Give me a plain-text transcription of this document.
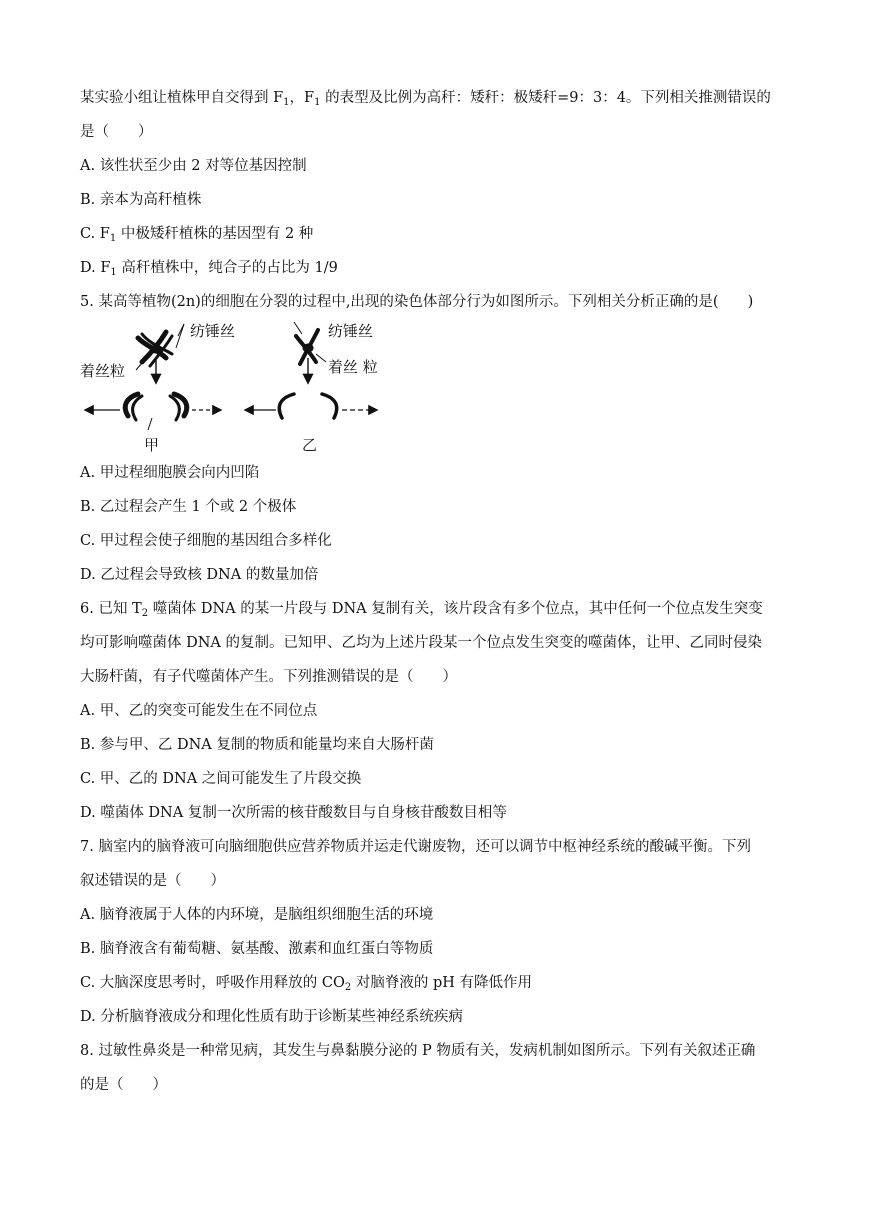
某实验小组让植株甲自交得到 $F_1$，$F_1$ 的表型及比例为高秆：矮秆：极矮秆=9：3：4。下列相关推测错误的
是（　　）
A. 该性状至少由 2 对等位基因控制
B. 亲本为高秆植株
C. $F_1$ 中极矮秆植株的基因型有 2 种
D. $F_1$ 高秆植株中，纯合子的占比为 1/9
5. 某高等植物(2n)的细胞在分裂的过程中,出现的染色体部分行为如图所示。下列相关分析正确的是(　　)
纺锤丝
着丝粒
甲
纺锤丝
着丝 粒
乙
A. 甲过程细胞膜会向内凹陷
B. 乙过程会产生 1 个或 2 个极体
C. 甲过程会使子细胞的基因组合多样化
D. 乙过程会导致核 DNA 的数量加倍
6. 已知 $T_2$ 噬菌体 DNA 的某一片段与 DNA 复制有关，该片段含有多个位点，其中任何一个位点发生突变
均可影响噬菌体 DNA 的复制。已知甲、乙均为上述片段某一个位点发生突变的噬菌体，让甲、乙同时侵染
大肠杆菌，有子代噬菌体产生。下列推测错误的是（　　）
A. 甲、乙的突变可能发生在不同位点
B. 参与甲、乙 DNA 复制的物质和能量均来自大肠杆菌
C. 甲、乙的 DNA 之间可能发生了片段交换
D. 噬菌体 DNA 复制一次所需的核苷酸数目与自身核苷酸数目相等
7. 脑室内的脑脊液可向脑细胞供应营养物质并运走代谢废物，还可以调节中枢神经系统的酸碱平衡。下列
叙述错误的是（　　）
A. 脑脊液属于人体的内环境，是脑组织细胞生活的环境
B. 脑脊液含有葡萄糖、氨基酸、激素和血红蛋白等物质
C. 大脑深度思考时，呼吸作用释放的 $CO_2$ 对脑脊液的 pH 有降低作用
D. 分析脑脊液成分和理化性质有助于诊断某些神经系统疾病
8. 过敏性鼻炎是一种常见病，其发生与鼻黏膜分泌的 P 物质有关，发病机制如图所示。下列有关叙述正确
的是（　　）
